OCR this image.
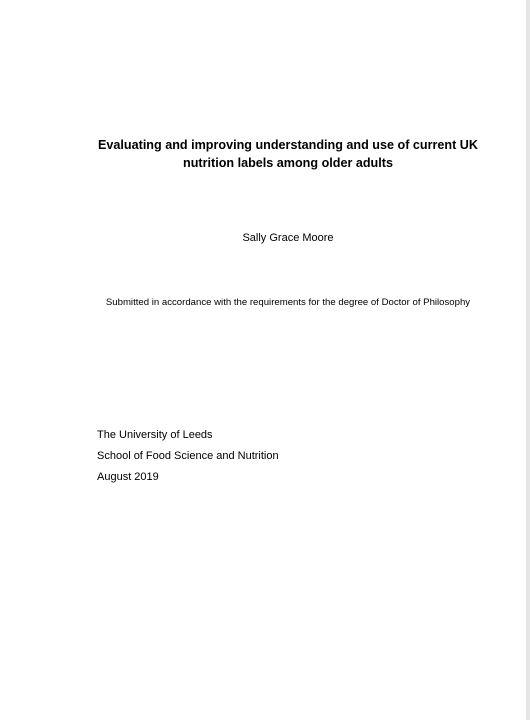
Evaluating and improving understanding and use of current UK
nutrition labels among older adults
Sally Grace Moore
Submitted in accordance with the requirements for the degree of Doctor of Philosophy
The University of Leeds
School of Food Science and Nutrition
August 2019
